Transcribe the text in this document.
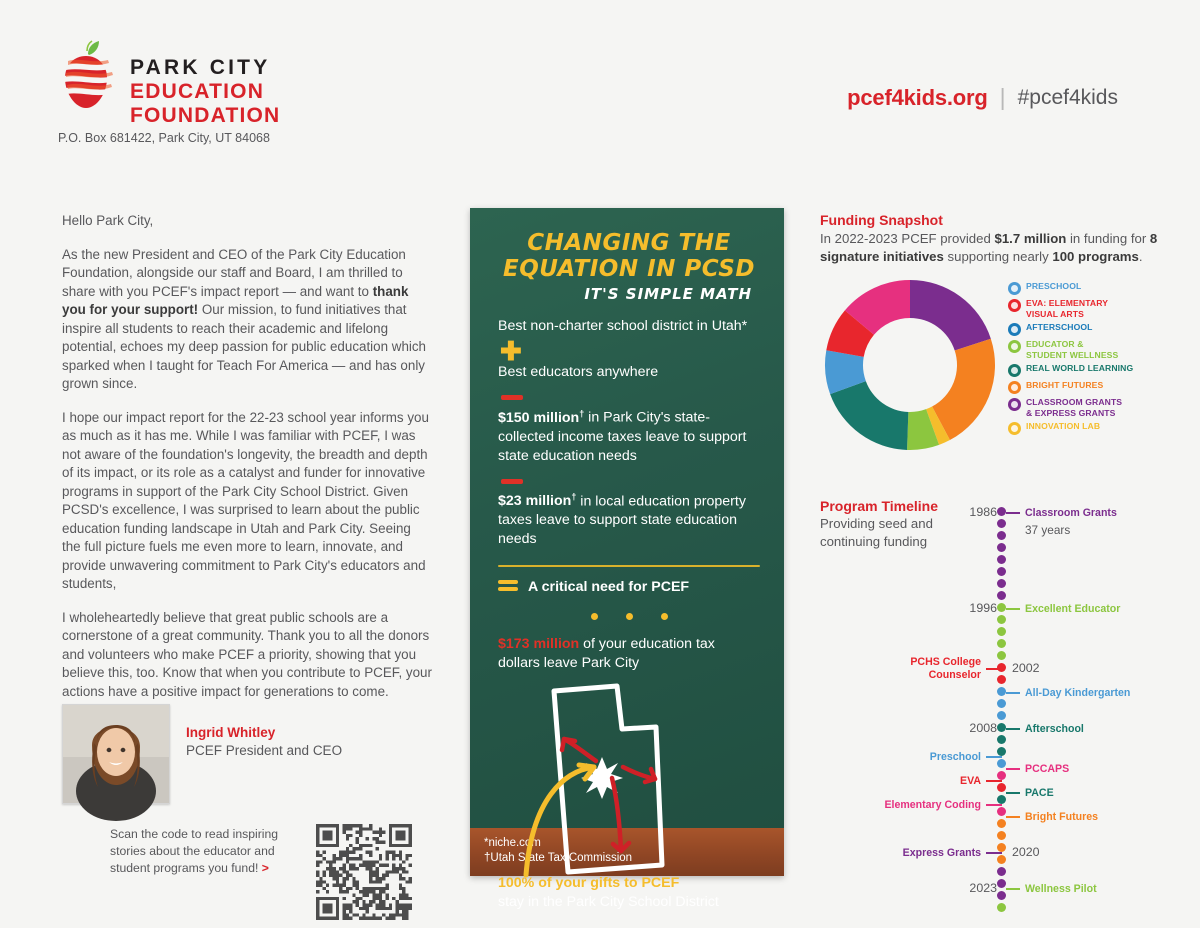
PARK CITY
EDUCATION
FOUNDATION
P.O. Box 681422, Park City, UT 84068
pcef4kids.org | #pcef4kids

Hello Park City,

As the new President and CEO of the Park City Education Foundation, alongside our staff and Board, I am thrilled to share with you PCEF's impact report — and want to thank you for your support! Our mission, to fund initiatives that inspire all students to reach their academic and lifelong potential, echoes my deep passion for public education which sparked when I taught for Teach For America — and has only grown since.

I hope our impact report for the 22-23 school year informs you as much as it has me. While I was familiar with PCEF, I was not aware of the foundation's longevity, the breadth and depth of its impact, or its role as a catalyst and funder for innovative programs in support of the Park City School District. Given PCSD's excellence, I was surprised to learn about the public education funding landscape in Utah and Park City. Seeing the full picture fuels me even more to learn, innovate, and provide unwavering commitment to Park City's educators and students,

I wholeheartedly believe that great public schools are a cornerstone of a great community. Thank you to all the donors and volunteers who make PCEF a priority, showing that you believe this, too. Know that when you contribute to PCEF, your actions have a positive impact for generations to come.

Ingrid Whitley
PCEF President and CEO
Scan the code to read inspiring stories about the educator and student programs you fund! >
CHANGING THE EQUATION IN PCSD
IT'S SIMPLE MATH
Best non-charter school district in Utah*
✚
Best educators anywhere
$150 million† in Park City's state-collected income taxes leave to support state education needs
$23 million† in local education property taxes leave to support state education needs
A critical need for PCEF
$173 million of your education tax dollars leave Park City
100% of your gifts to PCEF
stay in the Park City School District
*niche.com
†Utah State Tax Commission
Funding Snapshot
In 2022-2023 PCEF provided $1.7 million in funding for 8 signature initiatives supporting nearly 100 programs.
PRESCHOOL
EVA: ELEMENTARY
VISUAL ARTS
AFTERSCHOOL
EDUCATOR &
STUDENT WELLNESS
REAL WORLD LEARNING
BRIGHT FUTURES
CLASSROOM GRANTS
& EXPRESS GRANTS
INNOVATION LAB
Program Timeline
Providing seed and continuing funding
Classroom Grants
1986
Excellent Educator
1996
PCHS College Counselor	2002
All-Day Kindergarten
Afterschool
2008
Preschool
PCCAPS
EVA
PACE
Elementary Coding
Bright Futures
Express Grants	2020
Wellness Pilot
2023
37 years
